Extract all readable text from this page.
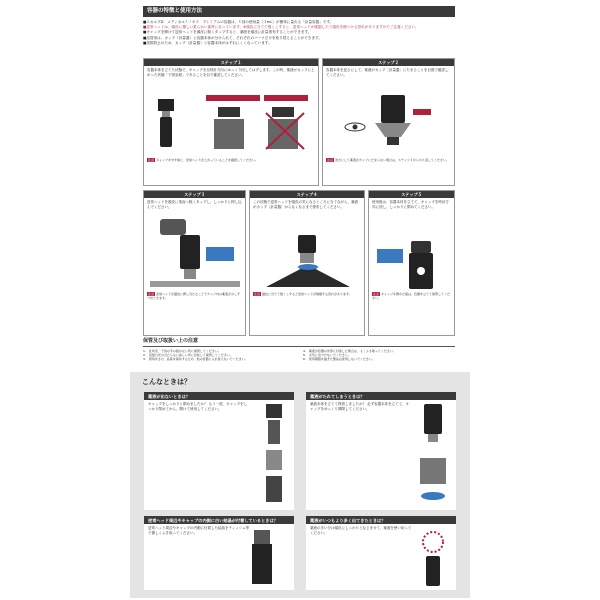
容器の特徴と使用方法

■スカルプD　メディカルミノキ５　プレミアムの容器は、１回の使用量〔１mL〕が簡単に量れる「計量容器」です。

■逆常ヘッドは、頭皮に優しい柔らかい素材になっています。※頭皮に当てて強くこすると、逆常ヘッドが破損したり頭皮を傷つける恐れがありますのでご注意ください。

■キャップを開けて逆常ヘッドを頭皮に軽くタップすると、薬液を頭皮に計量塗布することができます。

■詰替用は、カップ（計量器）と容器本体が分けられて、それぞれのパーツだけを取り替えることができます。

■誤飲防止のため、カップ（計量器）と容器本体がはずれにくくなっています。

ステップ１
容器本体を立てた状態で、キャップを反時計方向にゆっくり回してはずします。この時、薬液がカップに上がった状態「下図参照」であることを目で確認してください。
注意 キャップを外す前に、逆常ヘッドが上がっていることを確認してください。
ステップ２
容器本体を逆さにして、薬液がカップ〔計量器〕にたまることを目視で確認してください。
注意 逆さにして薬液がカップにたまらない場合は、ステップ１からやり直してください。
ステップ３
逆常ヘッドを頭皮に垂直へ軽くタップし、しっかりと押し込んでください。
注意 逆常ヘッドが頭皮に押し当たることでカップ内の薬液が少しずつ出てきます。
ステップ４
この状態で逆常ヘッドを頭皮の気になるところに当てながら、薬液がカップ〔計量器〕からなくなるまで塗布してください。
注意 頭皮に当てて強くこすると逆常ヘッドが破損する恐れがあります。
ステップ５
使用後は、容器本体を立てて、キャップを時計方向に回し、しっかりと閉めてください。
注意 キャップを閉めた後は、容器を立てて保管してください。
保管及び取扱い上の注意
1.　乳幼児、子供の手の届かない所に保管してください。
2.　直射日光の当たらない涼しい所に密栓して保管してください。
3.　誤用をさけ、品質を保持するため、他の容器に入れ替えないでください。
4.　薬液が容器の外部に付着した場合は、よくふき取ってください。
5.　火気に近づけないでください。
6.　使用期限を過ぎた製品は使用しないでください。
こんなときは？
薬液が出ないときは？
キャップをしっかりと閉めましたか？ もう一度、キャップをしっかり閉めてから、開けて使用してください。
薬液がたれてしまうときは？
薬液本体を立てて保管しましたか？ 必ず容器本体を立てて、キャップをゆっくり開閉してください。
逆常ヘッド周辺やキャップの内側に白い結晶が付着しているときは？
逆常ヘッド周辺やキャップの内側に付着した結晶をティッシュ等で優しくふき取ってください。
薬液がいつもより多く出てきたときは？
薬液の多い分は頭皮にしっかりとなじませて、薬液を使い切ってください。
